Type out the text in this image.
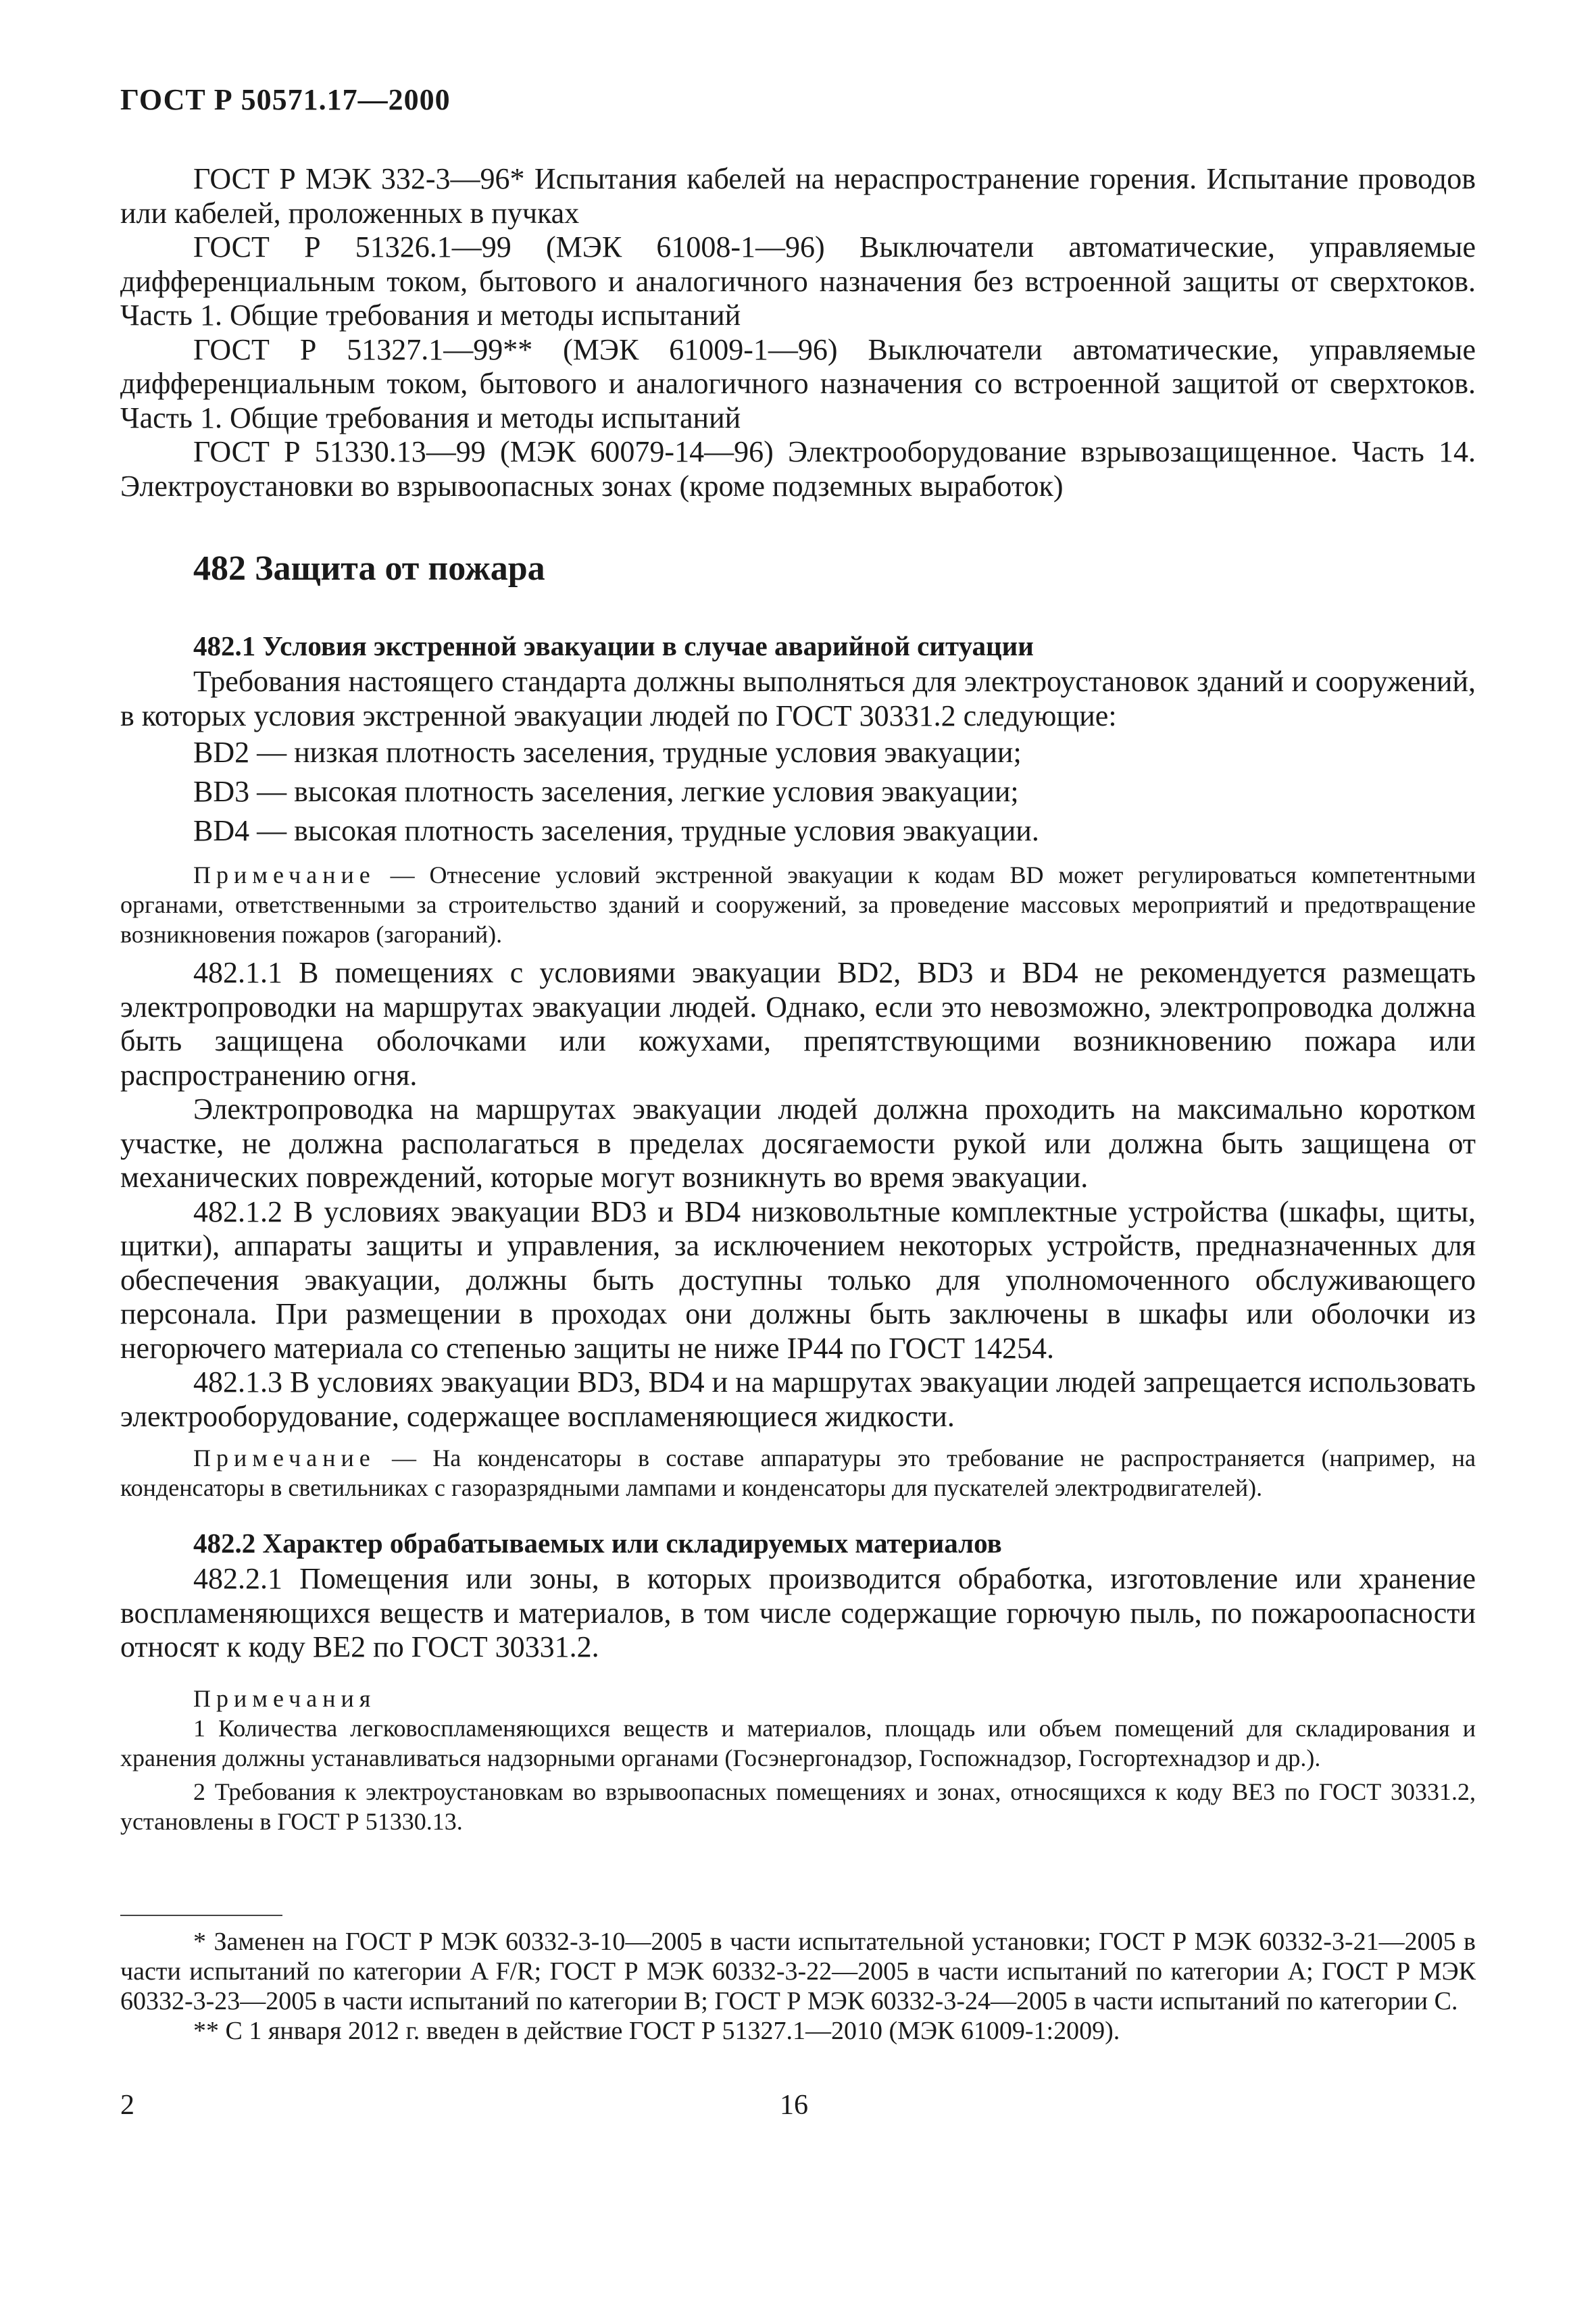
ГОСТ Р 50571.17—2000

ГОСТ Р МЭК 332-3—96* Испытания кабелей на нераспространение горения. Испытание проводов или кабелей, проложенных в пучках

ГОСТ Р 51326.1—99 (МЭК 61008-1—96) Выключатели автоматические, управляемые дифференциальным током, бытового и аналогичного назначения без встроенной защиты от сверхтоков. Часть 1. Общие требования и методы испытаний

ГОСТ Р 51327.1—99** (МЭК 61009-1—96) Выключатели автоматические, управляемые дифференциальным током, бытового и аналогичного назначения со встроенной защитой от сверхтоков. Часть 1. Общие требования и методы испытаний

ГОСТ Р 51330.13—99 (МЭК 60079-14—96) Электрооборудование взрывозащищенное. Часть 14. Электроустановки во взрывоопасных зонах (кроме подземных выработок)

482 Защита от пожара

482.1 Условия экстренной эвакуации в случае аварийной ситуации

Требования настоящего стандарта должны выполняться для электроустановок зданий и сооружений, в которых условия экстренной эвакуации людей по ГОСТ 30331.2 следующие:

BD2 — низкая плотность заселения, трудные условия эвакуации;

BD3 — высокая плотность заселения, легкие условия эвакуации;

BD4 — высокая плотность заселения, трудные условия эвакуации.

Примечание — Отнесение условий экстренной эвакуации к кодам BD может регулироваться компетентными органами, ответственными за строительство зданий и сооружений, за проведение массовых мероприятий и предотвращение возникновения пожаров (загораний).

482.1.1 В помещениях с условиями эвакуации BD2, BD3 и BD4 не рекомендуется размещать электропроводки на маршрутах эвакуации людей. Однако, если это невозможно, электропроводка должна быть защищена оболочками или кожухами, препятствующими возникновению пожара или распространению огня.

Электропроводка на маршрутах эвакуации людей должна проходить на максимально коротком участке, не должна располагаться в пределах досягаемости рукой или должна быть защищена от механических повреждений, которые могут возникнуть во время эвакуации.

482.1.2 В условиях эвакуации BD3 и BD4 низковольтные комплектные устройства (шкафы, щиты, щитки), аппараты защиты и управления, за исключением некоторых устройств, предназначенных для обеспечения эвакуации, должны быть доступны только для уполномоченного обслуживающего персонала. При размещении в проходах они должны быть заключены в шкафы или оболочки из негорючего материала со степенью защиты не ниже IP44 по ГОСТ 14254.

482.1.3 В условиях эвакуации BD3, BD4 и на маршрутах эвакуации людей запрещается использовать электрооборудование, содержащее воспламеняющиеся жидкости.

Примечание — На конденсаторы в составе аппаратуры это требование не распространяется (например, на конденсаторы в светильниках с газоразрядными лампами и конденсаторы для пускателей электродвигателей).

482.2 Характер обрабатываемых или складируемых материалов

482.2.1 Помещения или зоны, в которых производится обработка, изготовление или хранение воспламеняющихся веществ и материалов, в том числе содержащие горючую пыль, по пожароопасности относят к коду BE2 по ГОСТ 30331.2.

Примечания

1 Количества легковоспламеняющихся веществ и материалов, площадь или объем помещений для складирования и хранения должны устанавливаться надзорными органами (Госэнергонадзор, Госпожнадзор, Госгортехнадзор и др.).

2 Требования к электроустановкам во взрывоопасных помещениях и зонах, относящихся к коду BE3 по ГОСТ 30331.2, установлены в ГОСТ Р 51330.13.

* Заменен на ГОСТ Р МЭК 60332-3-10—2005 в части испытательной установки; ГОСТ Р МЭК 60332-3-21—2005 в части испытаний по категории A F/R; ГОСТ Р МЭК 60332-3-22—2005 в части испытаний по категории А; ГОСТ Р МЭК 60332-3-23—2005 в части испытаний по категории В; ГОСТ Р МЭК 60332-3-24—2005 в части испытаний по категории С.

** С 1 января 2012 г. введен в действие ГОСТ Р 51327.1—2010 (МЭК 61009-1:2009).

2	16
